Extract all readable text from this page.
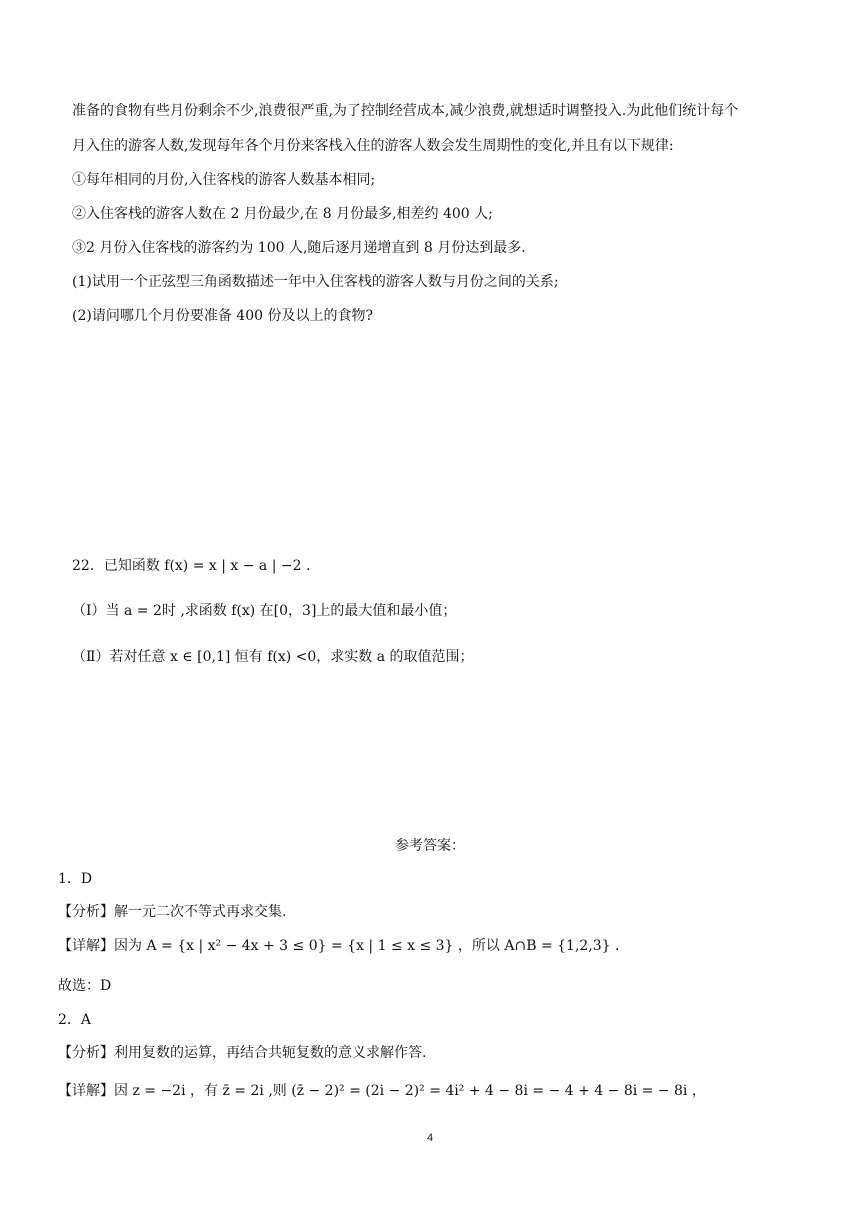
准备的食物有些月份剩余不少,浪费很严重,为了控制经营成本,减少浪费,就想适时调整投入.为此他们统计每个
月入住的游客人数,发现每年各个月份来客栈入住的游客人数会发生周期性的变化,并且有以下规律:
①每年相同的月份,入住客栈的游客人数基本相同;
②入住客栈的游客人数在 2 月份最少,在 8 月份最多,相差约 400 人;
③2 月份入住客栈的游客约为 100 人,随后逐月递增直到 8 月份达到最多.
(1)试用一个正弦型三角函数描述一年中入住客栈的游客人数与月份之间的关系;
(2)请问哪几个月份要准备 400 份及以上的食物?
22．已知函数 f(x) = x | x − a | −2 .
（Ⅰ）当 a = 2时 ,求函数 f(x) 在[0，3]上的最大值和最小值；
（Ⅱ）若对任意 x ∈ [0,1] 恒有 f(x) <0，求实数 a 的取值范围；
参考答案：
1．D
【分析】解一元二次不等式再求交集.
【详解】因为 A = {x | x² − 4x + 3 ≤ 0} = {x | 1 ≤ x ≤ 3} ，所以 A∩B = {1,2,3} .
故选：D
2．A
【分析】利用复数的运算，再结合共轭复数的意义求解作答.
【详解】因 z = −2i ，有 z̄ = 2i ,则 (z̄ − 2)² = (2i − 2)² = 4i² + 4 − 8i = − 4 + 4 − 8i = − 8i ，
4
